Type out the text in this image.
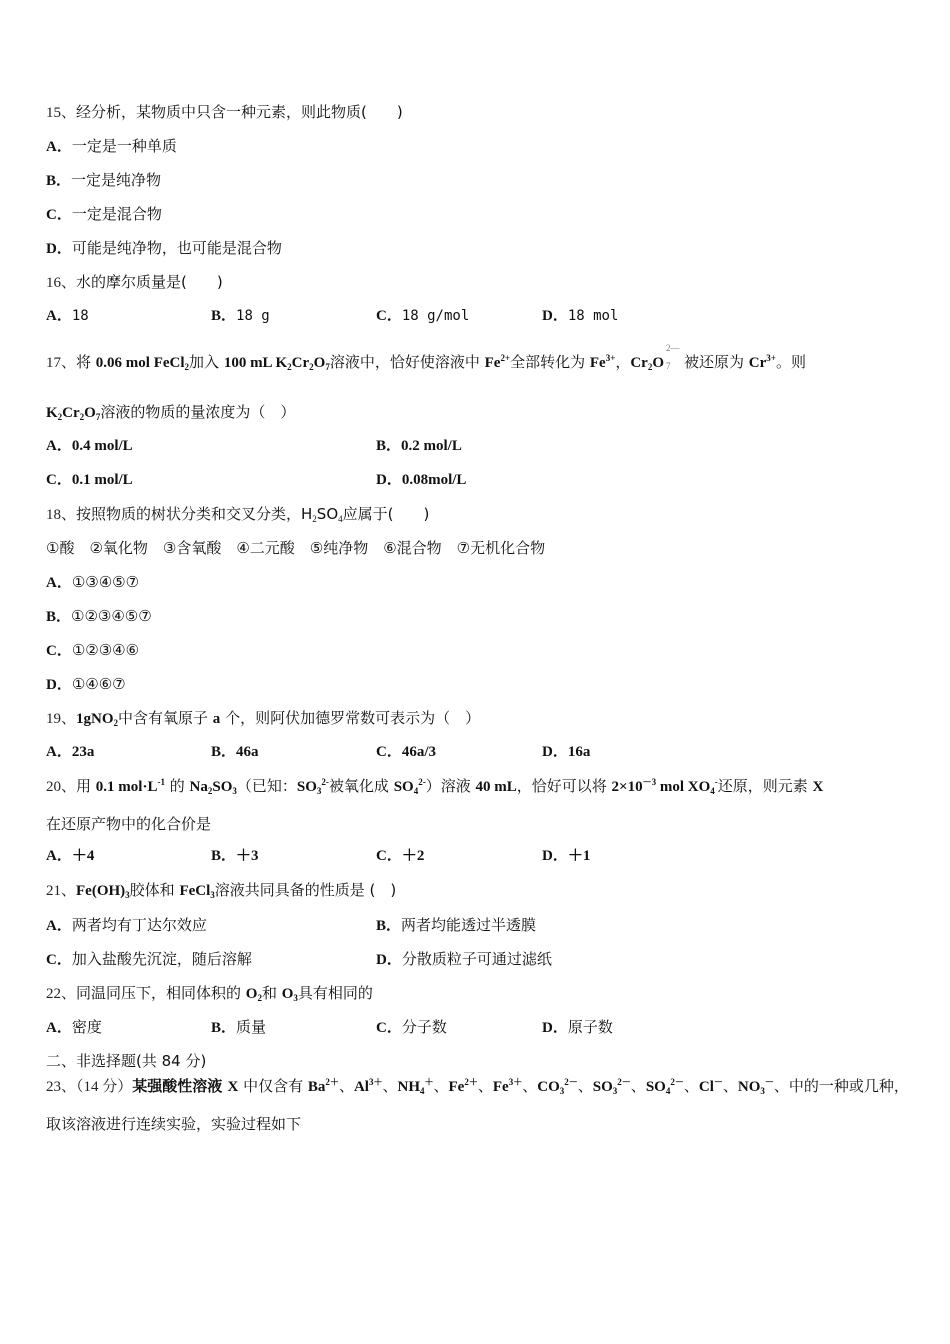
15、经分析，某物质中只含一种元素，则此物质(　　)
A．一定是一种单质
B．一定是纯净物
C．一定是混合物
D．可能是纯净物，也可能是混合物
16、水的摩尔质量是(　　)
A．18	B．18 g	C．18 g/mol	D．18 mol
17、将 0.06 mol FeCl$_2$加入 100 mL $K_2Cr_2O_7$溶液中，恰好使溶液中 $Fe^{2+}$全部转化为 $Fe^{3+}$，$Cr_2O$
2—
7 被还原为 $Cr^{3+}$。则
$K_2Cr_2O_7$溶液的物质的量浓度为（　）
A．0.4 mol/L	B．0.2 mol/L
C．0.1 mol/L	D．0.08mol/L
18、按照物质的树状分类和交叉分类，$H_2SO_4$应属于(　　)
①酸　②氧化物　③含氧酸　④二元酸　⑤纯净物　⑥混合物　⑦无机化合物
A．①③④⑤⑦
B．①②③④⑤⑦
C．①②③④⑥
D．①④⑥⑦
19、1gNO$_2$中含有氧原子 a 个，则阿伏加德罗常数可表示为（　）
A．23a	B．46a	C．46a/3	D．16a
20、用 0.1 $mol\cdot L^{-1}$ 的 $Na_2SO_3$（已知：$SO_3^{2-}$被氧化成 $SO_4^{2-}$）溶液 40 mL，恰好可以将 $2\times 10^{-3}$ mol $XO_4^-$还原，则元素 X
在还原产物中的化合价是
A．＋4	B．＋3	C．＋2	D．＋1
21、$Fe(OH)_3$胶体和 FeCl$_3$溶液共同具备的性质是 (　)
A．两者均有丁达尔效应	B．两者均能透过半透膜
C．加入盐酸先沉淀，随后溶解	D．分散质粒子可通过滤纸
22、同温同压下，相同体积的 $O_2$和 $O_3$具有相同的
A．密度	B．质量	C．分子数	D．原子数
二、非选择题(共 84 分)
23、（14 分）某强酸性溶液 X 中仅含有 $Ba^{2+}$、$Al^{3+}$、$NH_4^+$、$Fe^{2+}$、$Fe^{3+}$、$CO_3^{2-}$、$SO_3^{2-}$、$SO_4^{2-}$、Cl－、$NO_3^-$、中的一种或几种，
取该溶液进行连续实验，实验过程如下
